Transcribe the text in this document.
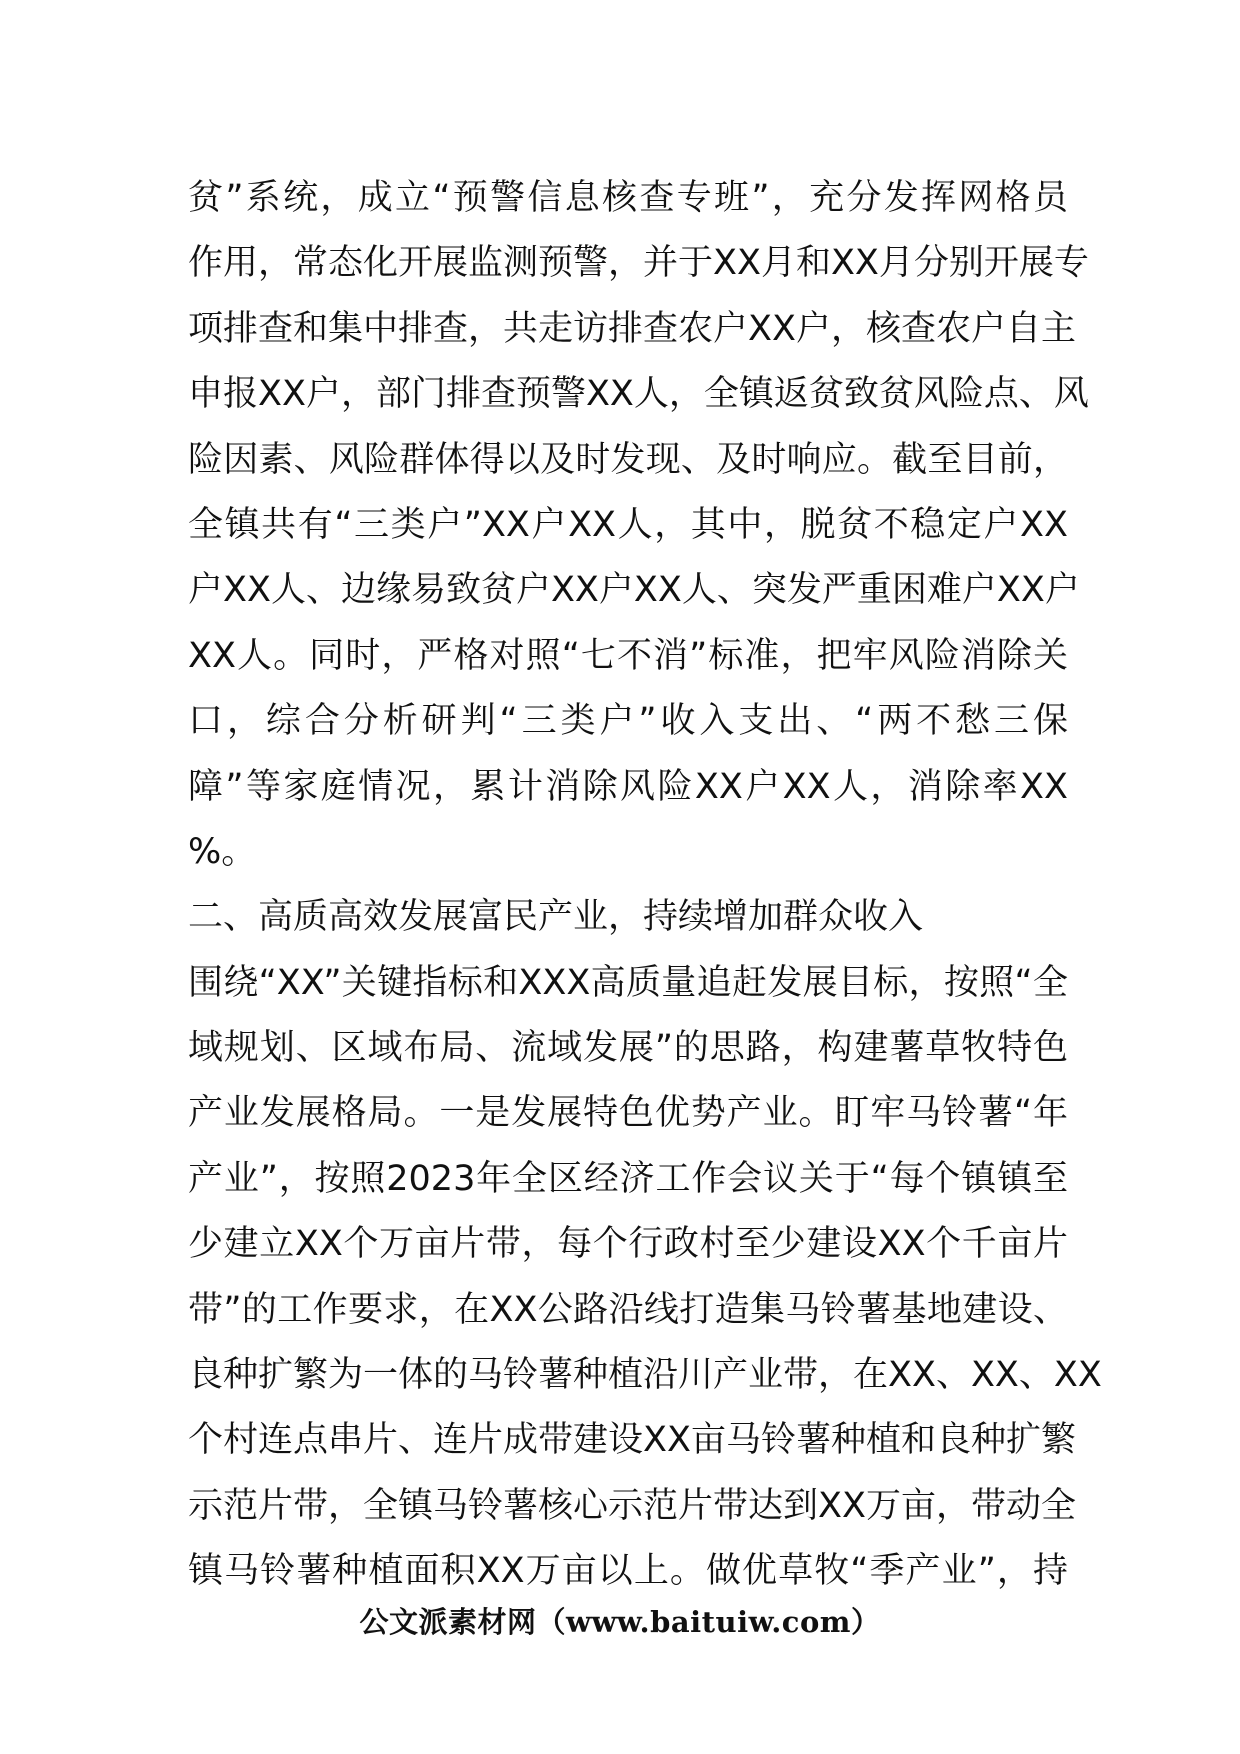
贫”系统，成立“预警信息核查专班”，充分发挥网格员
作用，常态化开展监测预警，并于XX月和XX月分别开展专
项排查和集中排查，共走访排查农户XX户，核查农户自主
申报XX户，部门排查预警XX人，全镇返贫致贫风险点、风
险因素、风险群体得以及时发现、及时响应。截至目前，
全镇共有“三类户”XX户XX人，其中，脱贫不稳定户XX
户XX人、边缘易致贫户XX户XX人、突发严重困难户XX户
XX人。同时，严格对照“七不消”标准，把牢风险消除关
口，综合分析研判“三类户”收入支出、“两不愁三保
障”等家庭情况，累计消除风险XX户XX人，消除率XX
%。
二、高质高效发展富民产业，持续增加群众收入
围绕“XX”关键指标和XXX高质量追赶发展目标，按照“全
域规划、区域布局、流域发展”的思路，构建薯草牧特色
产业发展格局。一是发展特色优势产业。盯牢马铃薯“年
产业”，按照2023年全区经济工作会议关于“每个镇镇至
少建立XX个万亩片带，每个行政村至少建设XX个千亩片
带”的工作要求，在XX公路沿线打造集马铃薯基地建设、
良种扩繁为一体的马铃薯种植沿川产业带，在XX、XX、XX
个村连点串片、连片成带建设XX亩马铃薯种植和良种扩繁
示范片带，全镇马铃薯核心示范片带达到XX万亩，带动全
镇马铃薯种植面积XX万亩以上。做优草牧“季产业”，持
公文派素材网（www.baituiw.com）
